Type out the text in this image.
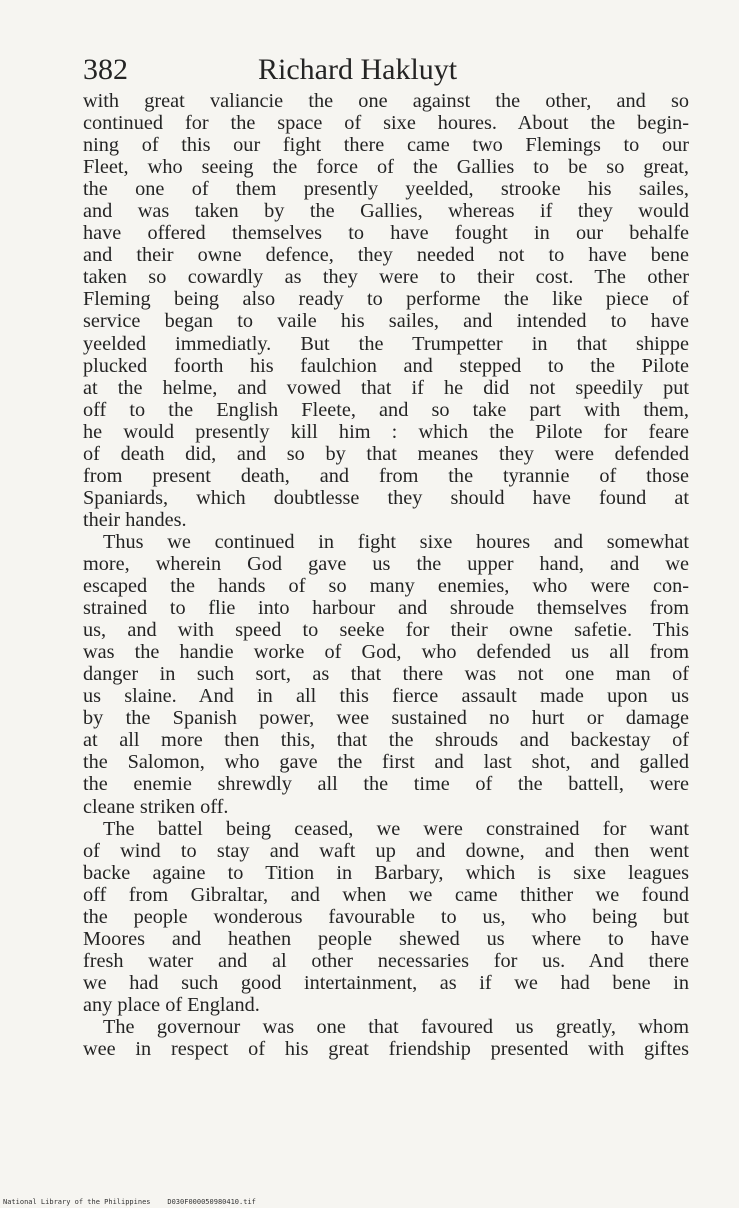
382	Richard Hakluyt
with great valiancie the one against the other, and so
continued for the space of sixe houres. About the begin-
ning of this our fight there came two Flemings to our
Fleet, who seeing the force of the Gallies to be so great,
the one of them presently yeelded, strooke his sailes,
and was taken by the Gallies, whereas if they would
have offered themselves to have fought in our behalfe
and their owne defence, they needed not to have bene
taken so cowardly as they were to their cost. The other
Fleming being also ready to performe the like piece of
service began to vaile his sailes, and intended to have
yeelded immediatly. But the Trumpetter in that shippe
plucked foorth his faulchion and stepped to the Pilote
at the helme, and vowed that if he did not speedily put
off to the English Fleete, and so take part with them,
he would presently kill him : which the Pilote for feare
of death did, and so by that meanes they were defended
from present death, and from the tyrannie of those
Spaniards, which doubtlesse they should have found at
their handes.
Thus we continued in fight sixe houres and somewhat
more, wherein God gave us the upper hand, and we
escaped the hands of so many enemies, who were con-
strained to flie into harbour and shroude themselves from
us, and with speed to seeke for their owne safetie. This
was the handie worke of God, who defended us all from
danger in such sort, as that there was not one man of
us slaine. And in all this fierce assault made upon us
by the Spanish power, wee sustained no hurt or damage
at all more then this, that the shrouds and backestay of
the Salomon, who gave the first and last shot, and galled
the enemie shrewdly all the time of the battell, were
cleane striken off.
The battel being ceased, we were constrained for want
of wind to stay and waft up and downe, and then went
backe againe to Tition in Barbary, which is sixe leagues
off from Gibraltar, and when we came thither we found
the people wonderous favourable to us, who being but
Moores and heathen people shewed us where to have
fresh water and al other necessaries for us. And there
we had such good intertainment, as if we had bene in
any place of England.
The governour was one that favoured us greatly, whom
wee in respect of his great friendship presented with giftes
National Library of the Philippines D030F000050980410.tif
